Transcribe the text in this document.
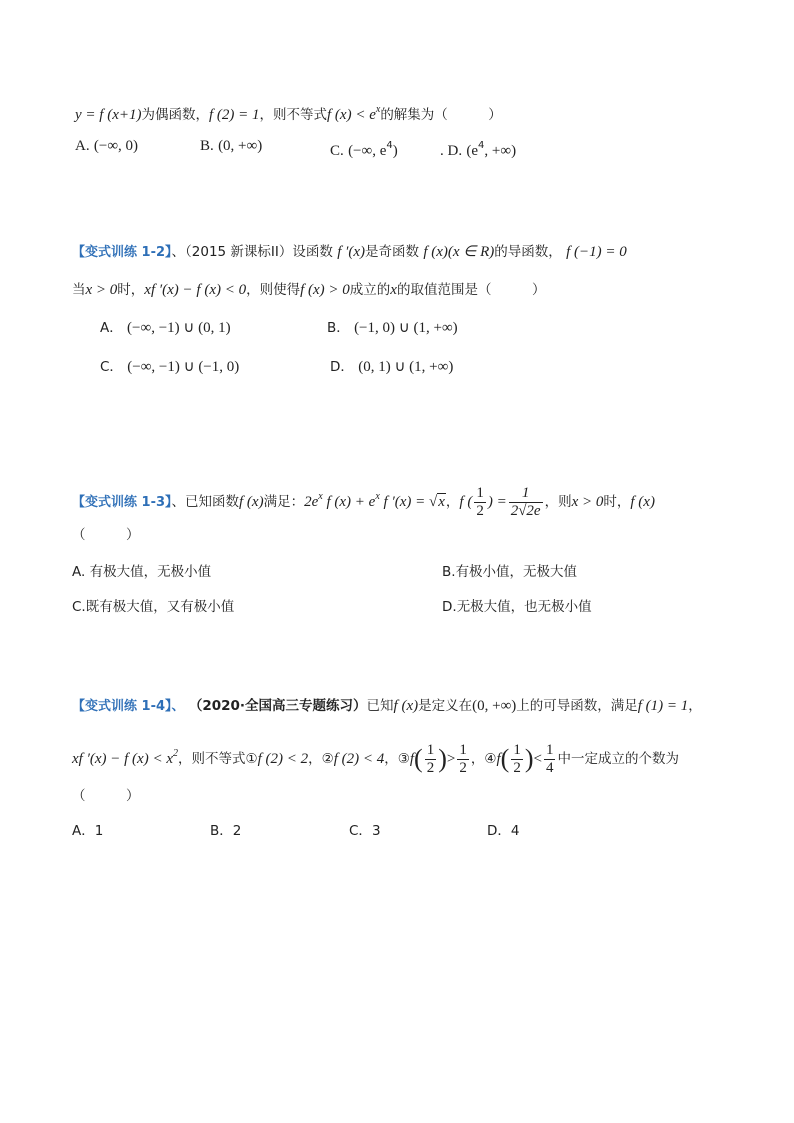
y = f (x+1)为偶函数，f (2) = 1，则不等式f $(x) < e^x$的解集为（　　　）
A. (−∞, 0)	B. (0, +∞)	C. (−∞, $e^4$)	. D. ($e^4$, +∞)
【变式训练 1-2】、（2015 新课标II）设函数 f ′(x)是奇函数 f (x)(x ∈ R)的导函数， f (−1) = 0
当x > 0时，xf ′(x) − f (x) < 0，则使得f (x) > 0成立的x的取值范围是（　　　）
A． (−∞, −1) ∪ (0, 1)	B． (−1, 0) ∪ (1, +∞)
C． (−∞, −1) ∪ (−1, 0)	D． (0, 1) ∪ (1, +∞)
【变式训练 1-3】、已知函数f (x)满足：$2e^x$ f $(x) + e^x$ f ′(x) = √x，f ( $\frac{1}{2}$ ) = $\frac{1}{2√2e}$ ，则x > 0时，f (x)
（　　　）
A. 有极大值，无极小值	B.有极小值，无极大值
C.既有极大值，又有极小值	D.无极大值，也无极小值
【变式训练 1-4】、 （2020·全国高三专题练习）已知f (x)是定义在(0, +∞)上的可导函数，满足f (1) = 1，
xf ′(x) − f $(x) < x^2$，则不等式①f (2) < 2，②f (2) < 4，③f( $\frac{1}{2}$ )> $\frac{1}{2}$ ，④f( $\frac{1}{2}$ )< $\frac{1}{4}$ 中一定成立的个数为
（　　　）
A．1	B．2	C．3	D．4
